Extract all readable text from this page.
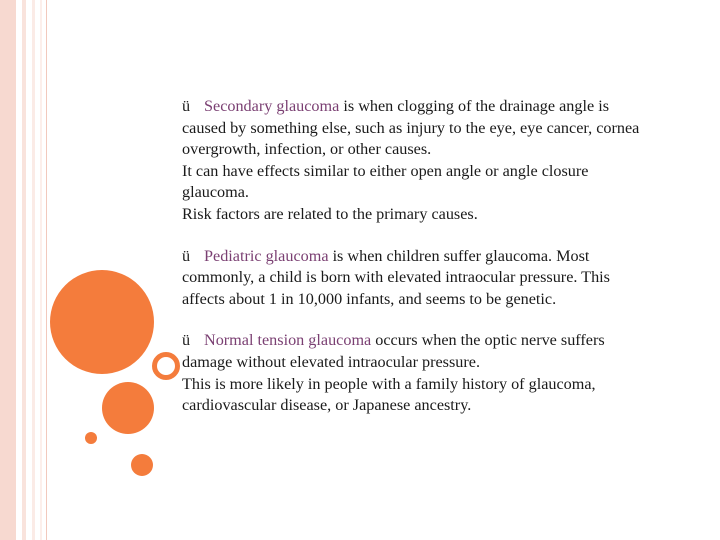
ü Secondary glaucoma is when clogging of the drainage angle is
caused by something else, such as injury to the eye, eye cancer, cornea
overgrowth, infection, or other causes.
It can have effects similar to either open angle or angle closure
glaucoma.
Risk factors are related to the primary causes.
ü Pediatric glaucoma is when children suffer glaucoma. Most
commonly, a child is born with elevated intraocular pressure. This
affects about 1 in 10,000 infants, and seems to be genetic.
ü Normal tension glaucoma occurs when the optic nerve suffers
damage without elevated intraocular pressure.
This is more likely in people with a family history of glaucoma,
cardiovascular disease, or Japanese ancestry.
